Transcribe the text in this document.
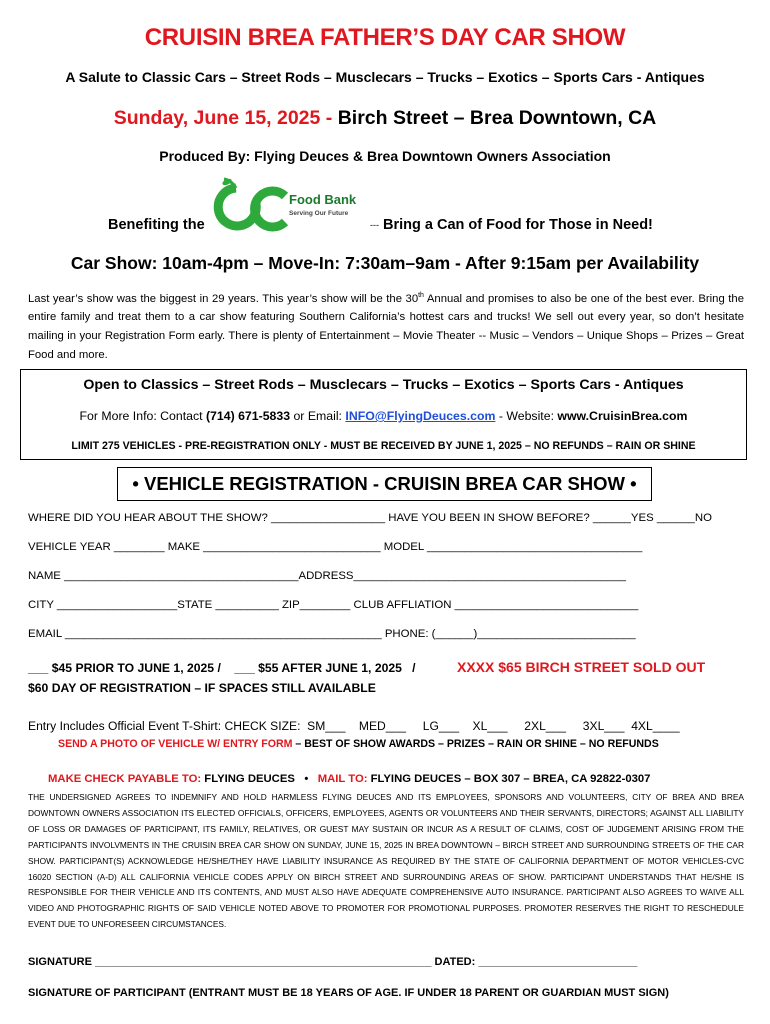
CRUISIN BREA FATHER’S DAY CAR SHOW
A Salute to Classic Cars – Street Rods – Musclecars – Trucks – Exotics – Sports Cars - Antiques
Sunday, June 15, 2025 - Birch Street – Brea Downtown, CA
Produced By: Flying Deuces & Brea Downtown Owners Association
Benefiting the
Food Bank
Serving Our Future
--- Bring a Can of Food for Those in Need!
Car Show: 10am-4pm – Move-In: 7:30am–9am - After 9:15am per Availability
Last year’s show was the biggest in 29 years. This year’s show will be the 30th Annual and promises to also be one of the best ever. Bring the entire family and treat them to a car show featuring Southern California’s hottest cars and trucks! We sell out every year, so don’t hesitate mailing in your Registration Form early. There is plenty of Entertainment – Movie Theater -- Music – Vendors – Unique Shops – Prizes – Great Food and more.
Open to Classics – Street Rods – Musclecars – Trucks – Exotics – Sports Cars - Antiques
For More Info: Contact (714) 671-5833 or Email: INFO@FlyingDeuces.com - Website: www.CruisinBrea.com
LIMIT 275 VEHICLES - PRE-REGISTRATION ONLY - MUST BE RECEIVED BY JUNE 1, 2025 – NO REFUNDS – RAIN OR SHINE
• VEHICLE REGISTRATION - CRUISIN BREA CAR SHOW •
WHERE DID YOU HEAR ABOUT THE SHOW? __________________ HAVE YOU BEEN IN SHOW BEFORE? ______YES ______NO
VEHICLE YEAR ________ MAKE ____________________________ MODEL __________________________________
NAME _____________________________________ADDRESS___________________________________________
CITY ___________________STATE __________ ZIP________ CLUB AFFLIATION _____________________________
EMAIL __________________________________________________ PHONE: (______)_________________________
___ $45 PRIOR TO JUNE 1, 2025 /    ___ $55 AFTER JUNE 1, 2025   /	XXXX $65 BIRCH STREET SOLD OUT
$60 DAY OF REGISTRATION – IF SPACES STILL AVAILABLE
Entry Includes Official Event T-Shirt: CHECK SIZE:  SM___    MED___     LG___    XL___     2XL___     3XL___  4XL____
SEND A PHOTO OF VEHICLE W/ ENTRY FORM – BEST OF SHOW AWARDS – PRIZES – RAIN OR SHINE – NO REFUNDS
MAKE CHECK PAYABLE TO: FLYING DEUCES   •   MAIL TO: FLYING DEUCES – BOX 307 – BREA, CA 92822-0307
THE UNDERSIGNED AGREES TO INDEMNIFY AND HOLD HARMLESS FLYING DEUCES AND ITS EMPLOYEES, SPONSORS AND VOLUNTEERS, CITY OF BREA AND BREA DOWNTOWN OWNERS ASSOCIATION ITS ELECTED OFFICIALS, OFFICERS, EMPLOYEES, AGENTS OR VOLUNTEERS AND THEIR SERVANTS, DIRECTORS; AGAINST ALL LIABILITY OF LOSS OR DAMAGES OF PARTICIPANT, ITS FAMILY, RELATIVES, OR GUEST MAY SUSTAIN OR INCUR AS A RESULT OF CLAIMS, COST OF JUDGEMENT ARISING FROM THE PARTICIPANTS INVOLVMENTS IN THE CRUISIN BREA CAR SHOW ON SUNDAY, JUNE 15, 2025 IN BREA DOWNTOWN – BIRCH STREET AND SURROUNDING STREETS OF THE CAR SHOW. PARTICIPANT(S) ACKNOWLEDGE HE/SHE/THEY HAVE LIABILITY INSURANCE AS REQUIRED BY THE STATE OF CALIFORNIA DEPARTMENT OF MOTOR VEHICLES-CVC 16020 SECTION (A-D) ALL CALIFORNIA VEHICLE CODES APPLY ON BIRCH STREET AND SURROUNDING AREAS OF SHOW. PARTICIPANT UNDERSTANDS THAT HE/SHE IS RESPONSIBLE FOR THEIR VEHICLE AND ITS CONTENTS, AND MUST ALSO HAVE ADEQUATE COMPREHENSIVE AUTO INSURANCE. PARTICIPANT ALSO AGREES TO WAIVE ALL VIDEO AND PHOTOGRAPHIC RIGHTS OF SAID VEHICLE NOTED ABOVE TO PROMOTER FOR PROMOTIONAL PURPOSES. PROMOTER RESERVES THE RIGHT TO RESCHEDULE EVENT DUE TO UNFORESEEN CIRCUMSTANCES.
SIGNATURE _______________________________________________________ DATED: __________________________
SIGNATURE OF PARTICIPANT (ENTRANT MUST BE 18 YEARS OF AGE. IF UNDER 18 PARENT OR GUARDIAN MUST SIGN)
